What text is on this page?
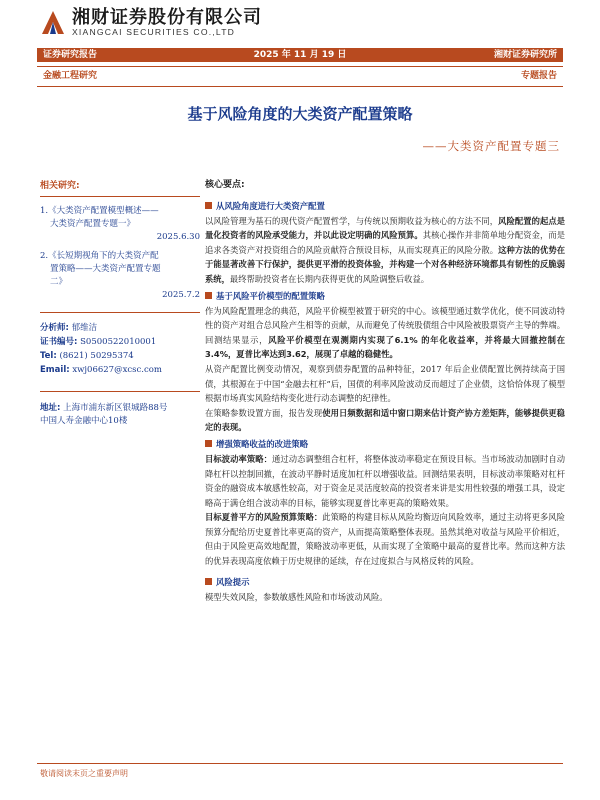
湘财证券股份有限公司
XIANGCAI SECURITIES CO.,LTD
证券研究报告	2025 年 11 月 19 日	湘财证券研究所
金融工程研究	专题报告
基于风险角度的大类资产配置策略
——大类资产配置专题三
相关研究:
1.《大类资产配置模型概述——
大类资产配置专题一》
2025.6.30
2.《长短期视角下的大类资产配
置策略——大类资产配置专题
二》
2025.7.2
分析师: 郁维洁
证书编号: S0500522010001
Tel: (8621) 50295374
Email: xwj06627@xcsc.com
地址: 上海市浦东新区银城路88号
中国人寿金融中心10楼
核心要点:
从风险角度进行大类资产配置
以风险管理为基石的现代资产配置哲学，与传统以预期收益为核心的方法不同，风险配置的起点是量化投资者的风险承受能力，并以此设定明确的风险预算。其核心操作并非简单地分配资金，而是追求各类资产对投资组合的风险贡献符合预设目标，从而实现真正的风险分散。这种方法的优势在于能显著改善下行保护，提供更平滑的投资体验，并构建一个对各种经济环境都具有韧性的反脆弱系统，最终帮助投资者在长期内获得更优的风险调整后收益。
基于风险平价模型的配置策略
作为风险配置理念的典范，风险平价模型被置于研究的中心。该模型通过数学优化，使不同波动特性的资产对组合总风险产生相等的贡献，从而避免了传统股债组合中风险被股票资产主导的弊端。回测结果显示，风险平价模型在观测期内实现了6.1% 的年化收益率，并将最大回撤控制在3.4%，夏普比率达到3.62，展现了卓越的稳健性。
从资产配置比例变动情况，观察到债券配置的品种特征，2017 年后企业债配置比例持续高于国债，其根源在于中国“金融去杠杆”后，国债的利率风险波动反而超过了企业债，这恰恰体现了模型根据市场真实风险结构变化进行动态调整的纪律性。
在策略参数设置方面，报告发现使用日频数据和适中窗口期来估计资产协方差矩阵，能够提供更稳定的表现。
增强策略收益的改进策略
目标波动率策略：通过动态调整组合杠杆，将整体波动率稳定在预设目标。当市场波动加剧时自动降杠杆以控制回撤，在波动平静时适度加杠杆以增强收益。回测结果表明，目标波动率策略对杠杆资金的融资成本敏感性较高，对于资金足灵活度较高的投资者来讲是实用性较强的增强工具，设定略高于满仓组合波动率的目标，能够实现夏普比率更高的策略效果。
目标夏普平方的风险预算策略：此策略的构建目标从风险均衡迈向风险效率，通过主动将更多风险预算分配给历史夏普比率更高的资产，从而提高策略整体表现。虽然其绝对收益与风险平价相近，但由于风险更高效地配置，策略波动率更低，从而实现了全策略中最高的夏普比率。然而这种方法的优异表现高度依赖于历史规律的延续，存在过度拟合与风格反转的风险。
风险提示
模型失效风险，参数敏感性风险和市场波动风险。
敬请阅读末页之重要声明
